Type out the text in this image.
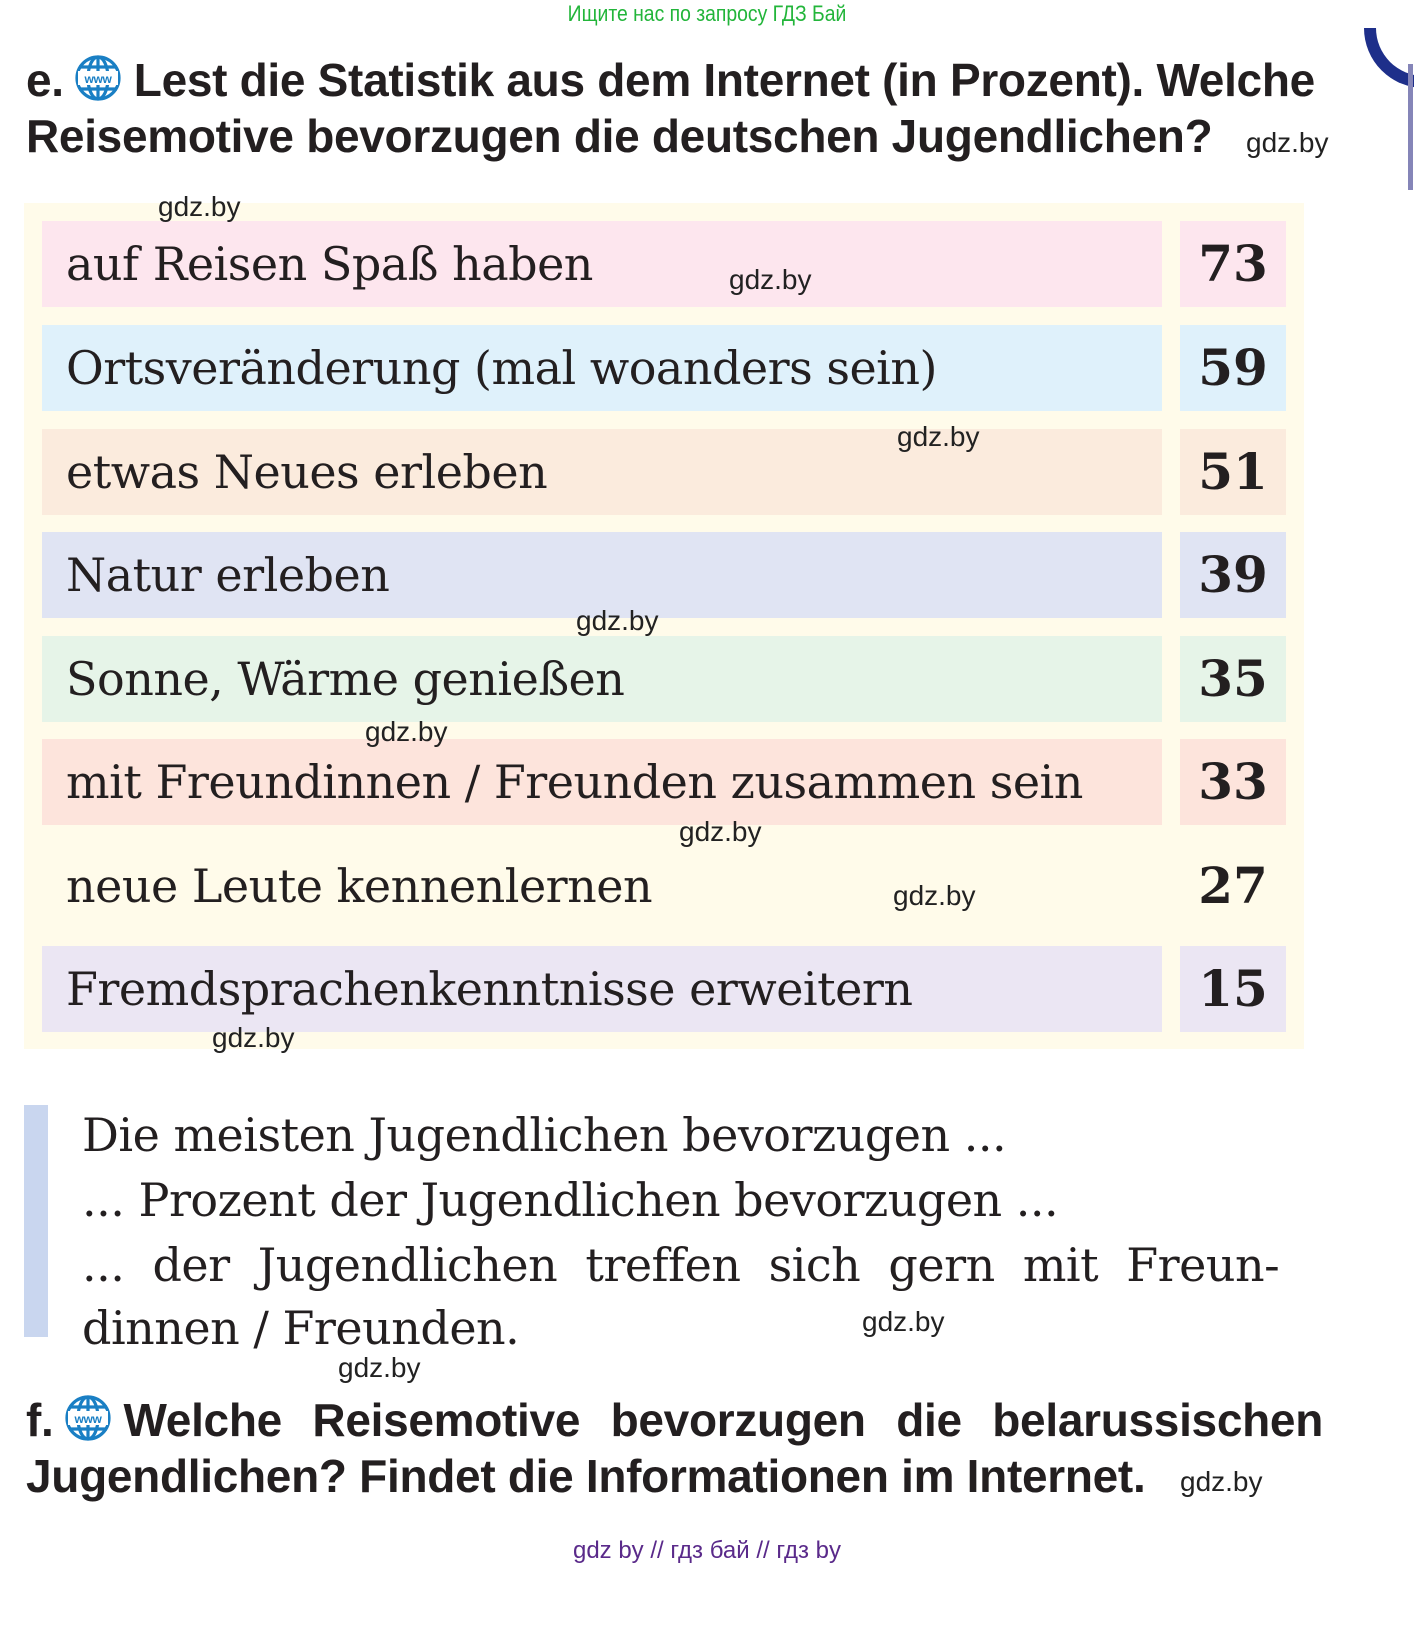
Ищите нас по запросу ГДЗ Бай
e. www Lest die Statistik aus dem Internet (in Prozent). Welche
Reisemotive bevorzugen die deutschen Jugendlichen? gdz.by
auf Reisen Spaß haben	73
Ortsveränderung (mal woanders sein)	59
etwas Neues erleben	51
Natur erleben	39
Sonne, Wärme genießen	35
mit Freundinnen / Freunden zusammen sein	33
neue Leute kennenlernen	27
Fremdsprachenkenntnisse erweitern	15
gdz.by
gdz.by
gdz.by
gdz.by
gdz.by
gdz.by
gdz.by
gdz.by
Die meisten Jugendlichen bevorzugen ...
... Prozent der Jugendlichen bevorzugen ...
... der Jugendlichen treffen sich gern mit Freun-
dinnen / Freunden.	gdz.by
gdz.by
f. www Welche Reisemotive bevorzugen die belarussischen
Jugendlichen? Findet die Informationen im Internet. gdz.by
gdz by // гдз бай // гдз by
